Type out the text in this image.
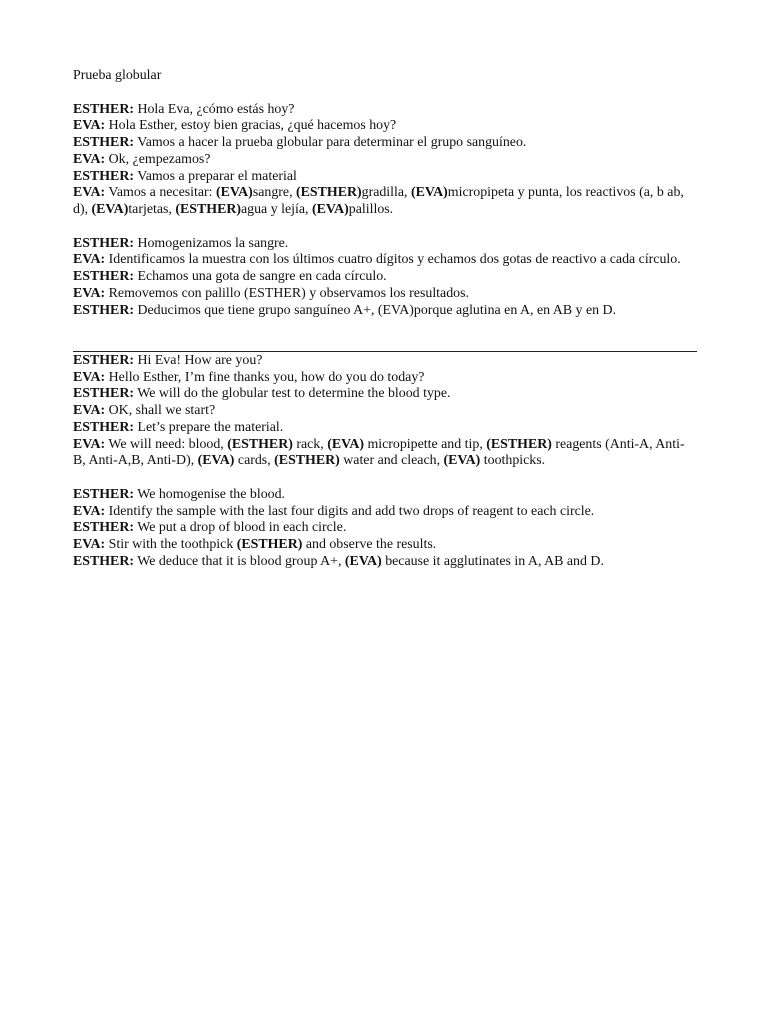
Prueba globular

ESTHER: Hola Eva, ¿cómo estás hoy?

EVA: Hola Esther, estoy bien gracias, ¿qué hacemos hoy?

ESTHER: Vamos a hacer la prueba globular para determinar el grupo sanguíneo.

EVA: Ok, ¿empezamos?

ESTHER: Vamos a preparar el material

EVA: Vamos a necesitar: (EVA)sangre, (ESTHER)gradilla, (EVA)micropipeta y punta, los reactivos (a, b ab, d), (EVA)tarjetas, (ESTHER)agua y lejía, (EVA)palillos.

ESTHER: Homogenizamos la sangre.

EVA: Identificamos la muestra con los últimos cuatro dígitos y echamos dos gotas de reactivo a cada círculo.

ESTHER: Echamos una gota de sangre en cada círculo.

EVA: Removemos con palillo (ESTHER) y observamos los resultados.

ESTHER: Deducimos que tiene grupo sanguíneo A+, (EVA)porque aglutina en A, en AB y en D.

ESTHER: Hi Eva! How are you?

EVA: Hello Esther, I’m fine thanks you, how do you do today?

ESTHER: We will do the globular test to determine the blood type.

EVA: OK, shall we start?

ESTHER: Let’s prepare the material.

EVA: We will need: blood, (ESTHER) rack, (EVA) micropipette and tip, (ESTHER) reagents (Anti-A, Anti-B, Anti-A,B, Anti-D), (EVA) cards, (ESTHER) water and cleach, (EVA) toothpicks.

ESTHER: We homogenise the blood.

EVA: Identify the sample with the last four digits and add two drops of reagent to each circle.

ESTHER: We put a drop of blood in each circle.

EVA: Stir with the toothpick (ESTHER) and observe the results.

ESTHER: We deduce that it is blood group A+, (EVA) because it agglutinates in A, AB and D.
